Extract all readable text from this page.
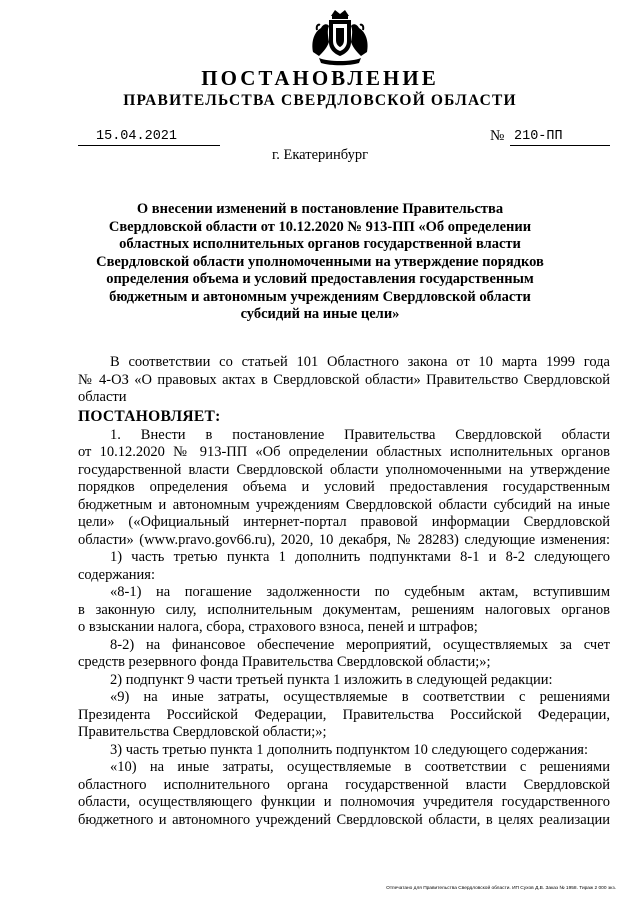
ПОСТАНОВЛЕНИЕ
ПРАВИТЕЛЬСТВА СВЕРДЛОВСКОЙ ОБЛАСТИ
15.04.2021	№ 210-ПП
г. Екатеринбург
О внесении изменений в постановление Правительства
Свердловской области от 10.12.2020 № 913-ПП «Об определении
областных исполнительных органов государственной власти
Свердловской области уполномоченными на утверждение порядков
определения объема и условий предоставления государственным
бюджетным и автономным учреждениям Свердловской области
субсидий на иные цели»
В соответствии со статьей 101 Областного закона от 10 марта 1999 года
№ 4-ОЗ «О правовых актах в Свердловской области» Правительство Свердловской
области
ПОСТАНОВЛЯЕТ:
1. Внести в постановление Правительства Свердловской области
от 10.12.2020 № 913-ПП «Об определении областных исполнительных органов
государственной власти Свердловской области уполномоченными на утверждение
порядков определения объема и условий предоставления государственным
бюджетным и автономным учреждениям Свердловской области субсидий на иные
цели» («Официальный интернет-портал правовой информации Свердловской
области» (www.pravo.gov66.ru), 2020, 10 декабря, № 28283) следующие изменения:
1) часть третью пункта 1 дополнить подпунктами 8-1 и 8-2 следующего
содержания:
«8-1) на погашение задолженности по судебным актам, вступившим
в законную силу, исполнительным документам, решениям налоговых органов
о взыскании налога, сбора, страхового взноса, пеней и штрафов;
8-2) на финансовое обеспечение мероприятий, осуществляемых за счет
средств резервного фонда Правительства Свердловской области;»;
2) подпункт 9 части третьей пункта 1 изложить в следующей редакции:
«9) на иные затраты, осуществляемые в соответствии с решениями
Президента Российской Федерации, Правительства Российской Федерации,
Правительства Свердловской области;»;
3) часть третью пункта 1 дополнить подпунктом 10 следующего содержания:
«10) на иные затраты, осуществляемые в соответствии с решениями
областного исполнительного органа государственной власти Свердловской
области, осуществляющего функции и полномочия учредителя государственного
бюджетного и автономного учреждений Свердловской области, в целях реализации
Отпечатано для Правительства Свердловской области. ИП Сухов Д.В. Заказ № 1958. Тираж 2 000 экз.
